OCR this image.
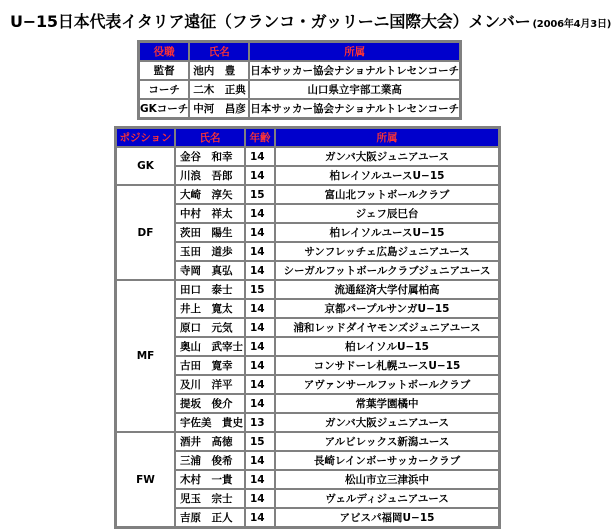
U−15日本代表イタリア遠征（フランコ・ガッリーニ国際大会）メンバー (2006年4月3日)
役職	氏名	所属
監督	池内　豊	日本サッカー協会ナショナルトレセンコーチ
コーチ	二木　正典	山口県立宇部工業高
GKコーチ	中河　昌彦	日本サッカー協会ナショナルトレセンコーチ
ポジション	氏名	年齢	所属
GK	金谷　和幸	14	ガンバ大阪ジュニアユース
	川浪　吾郎	14	柏レイソルユースU−15
DF	大崎　淳矢	15	富山北フットボールクラブ
	中村　祥太	14	ジェフ辰巳台
	茨田　陽生	14	柏レイソルユースU−15
	玉田　道歩	14	サンフレッチェ広島ジュニアユース
	寺岡　真弘	14	シーガルフットボールクラブジュニアユース
MF	田口　泰士	15	流通経済大学付属柏高
	井上　寛太	14	京都パープルサンガU−15
	原口　元気	14	浦和レッドダイヤモンズジュニアユース
	奥山　武宰士	14	柏レイソルU−15
	古田　寛幸	14	コンサドーレ札幌ユースU−15
	及川　洋平	14	アヴァンサールフットボールクラブ
	提坂　俊介	14	常葉学園橘中
	宇佐美　貴史	13	ガンバ大阪ジュニアユース
FW	酒井　高徳	15	アルビレックス新潟ユース
	三浦　俊希	14	長崎レインボーサッカークラブ
	木村　一貴	14	松山市立三津浜中
	児玉　宗士	14	ヴェルディジュニアユース
	吉原　正人	14	アビスパ福岡U−15
